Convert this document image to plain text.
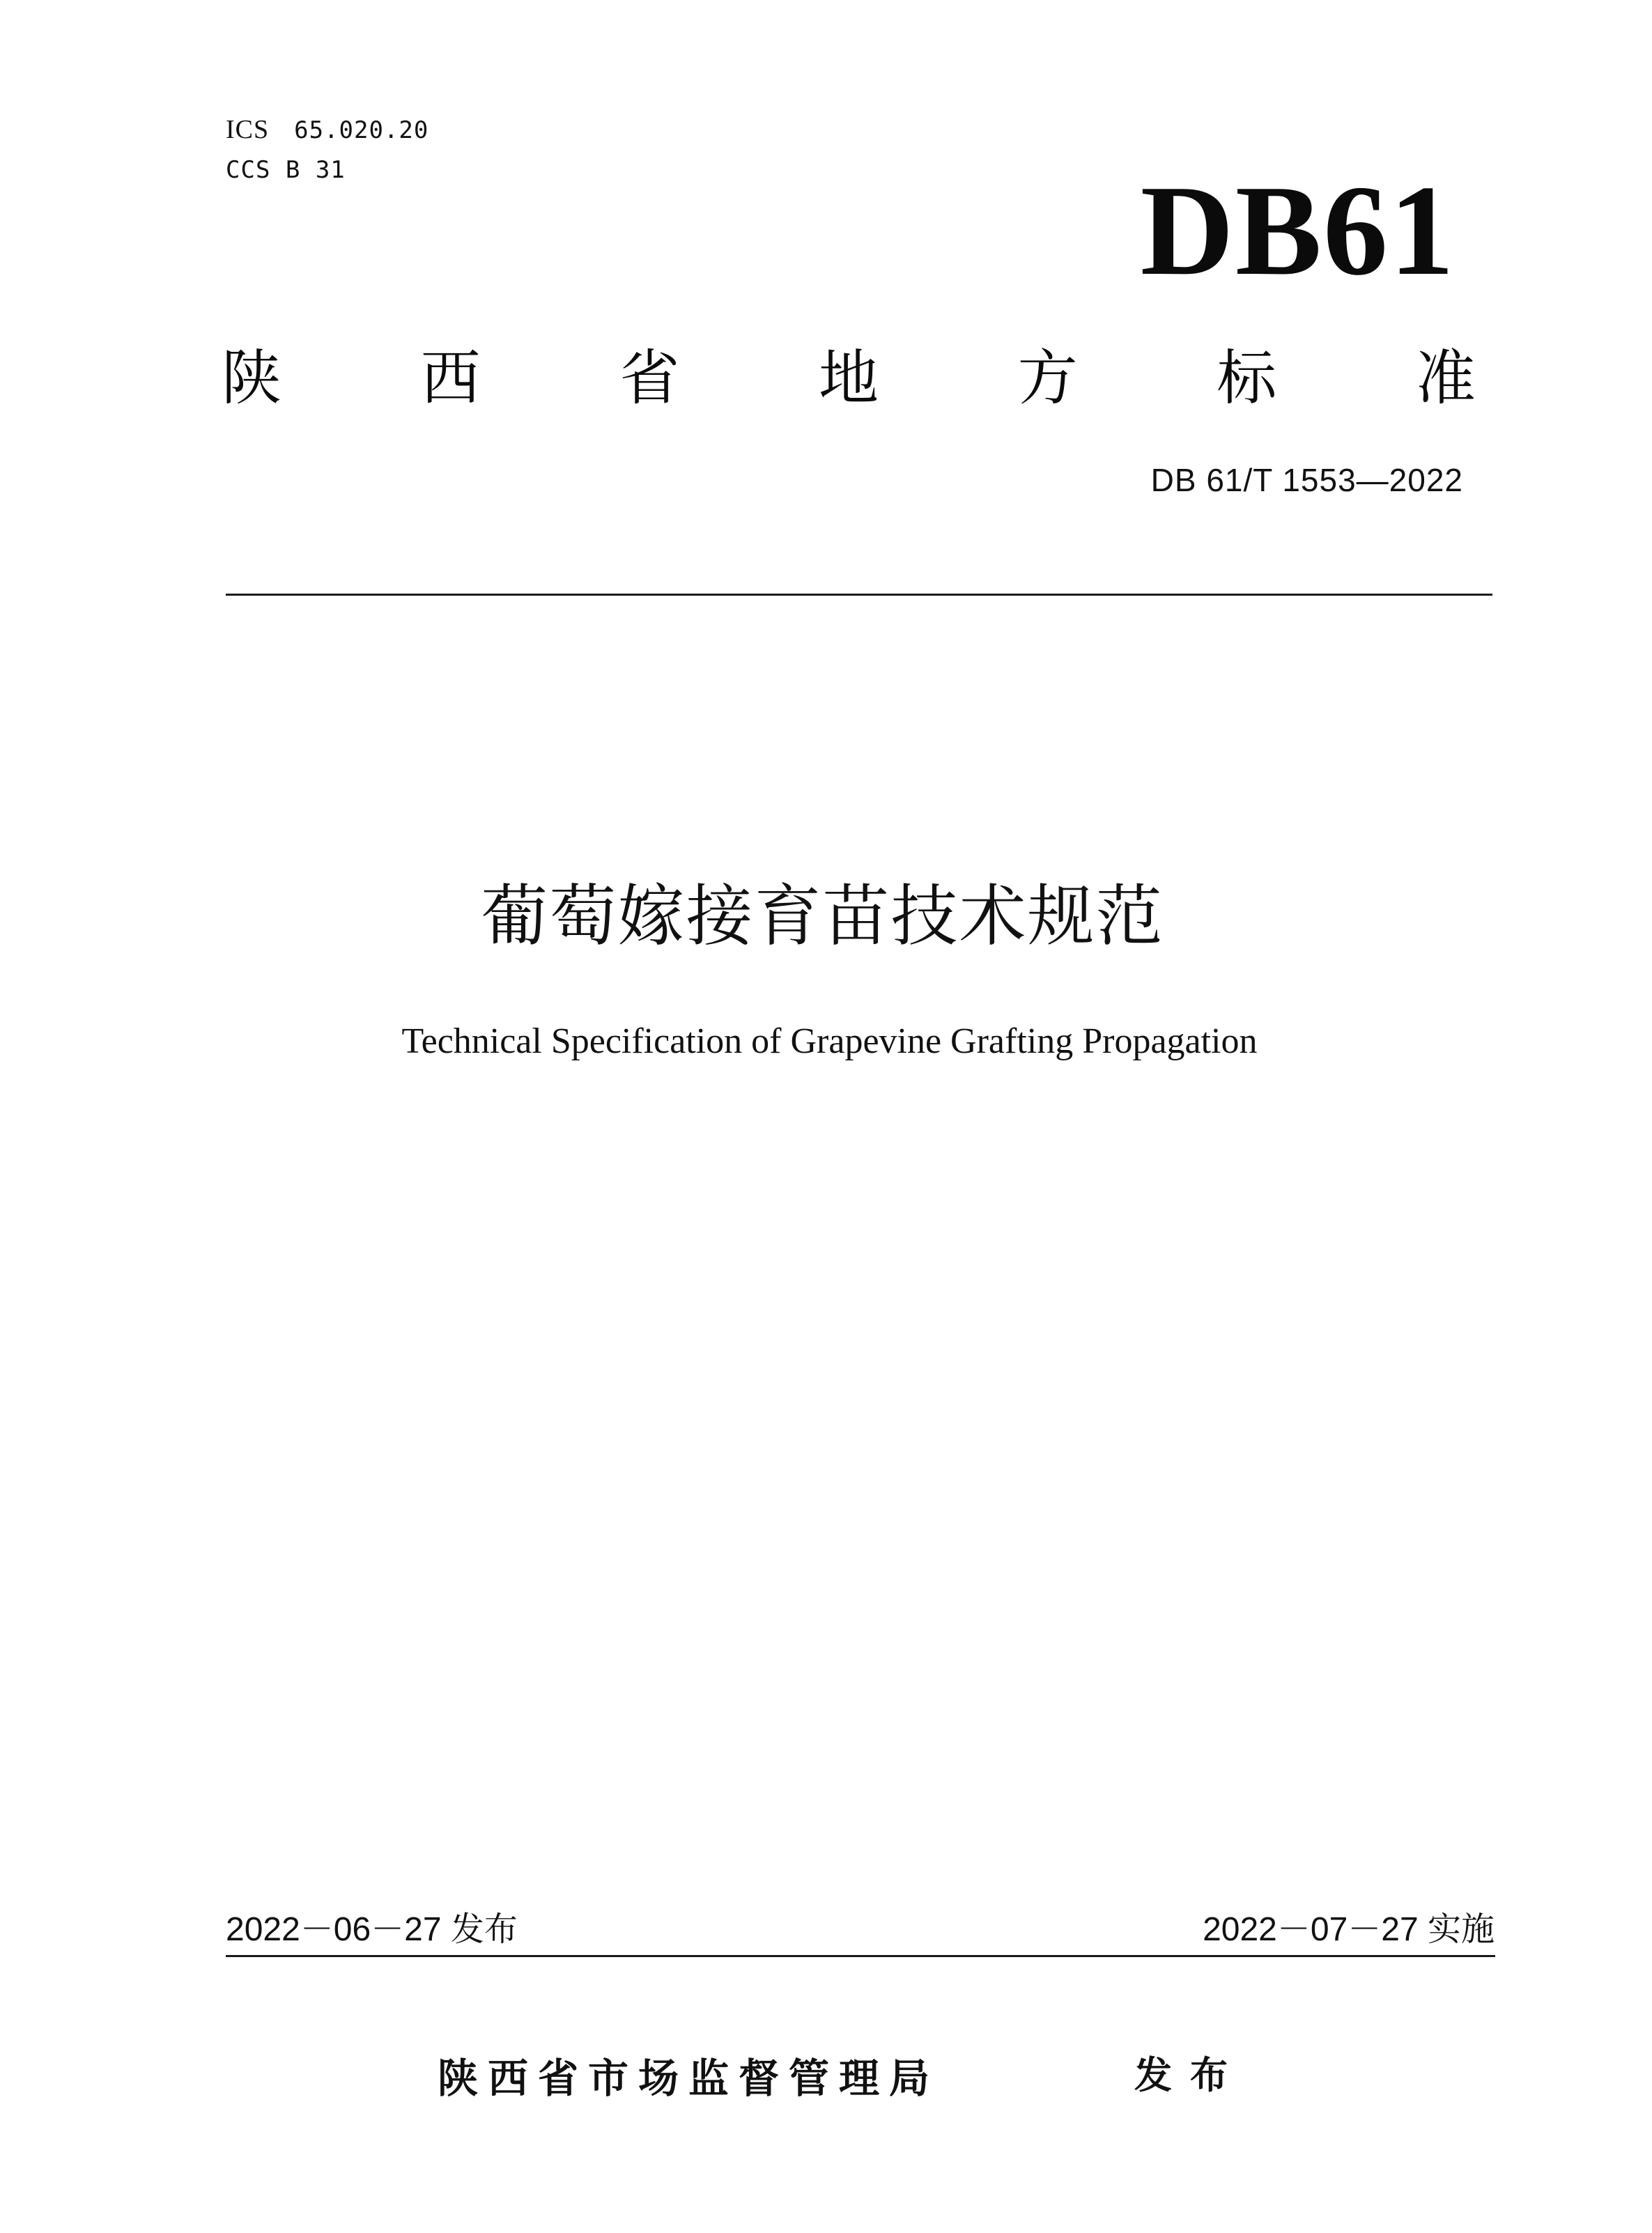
ICS 65.020.20
CCS B 31	DB61
陕 西 省 地 方 标 准
DB 61/T 1553—2022
葡萄嫁接育苗技术规范
Technical Specification of Grapevine Grafting Propagation
2022－06－27 发布	2022－07－27 实施
陕西省市场监督管理局	发布
